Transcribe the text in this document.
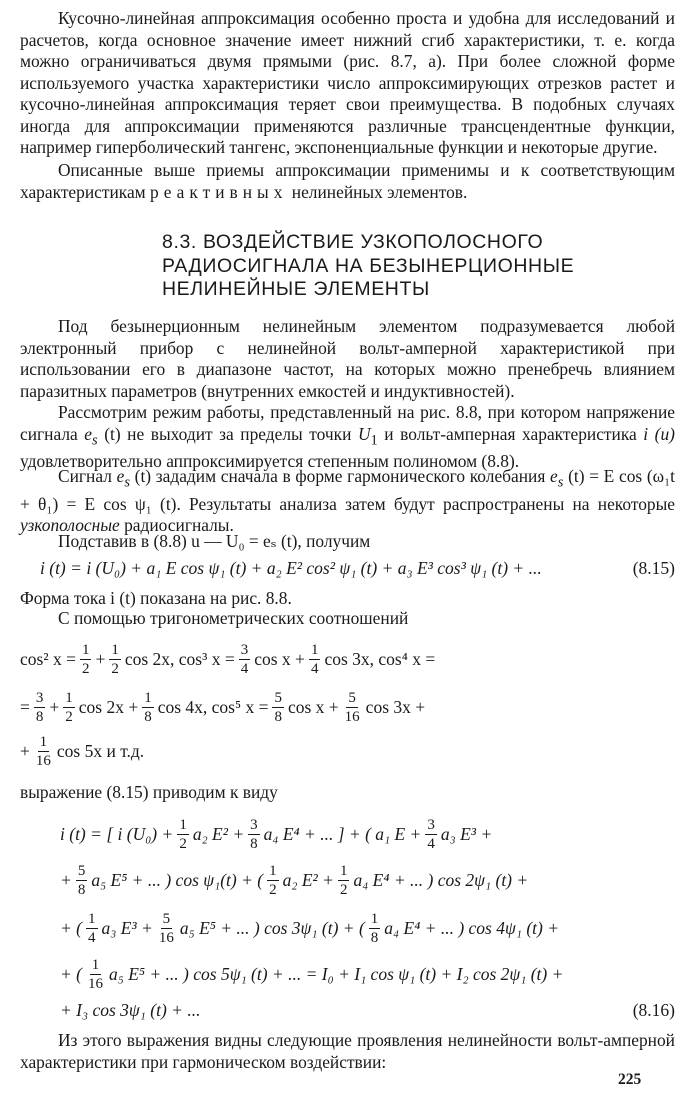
Кусочно-линейная аппроксимация особенно проста и удобна для исследований и расчетов, когда основное значение имеет нижний сгиб характеристики, т. е. когда можно ограничиваться двумя прямыми (рис. 8.7, а). При более сложной форме используемого участка характеристики число аппроксимирующих отрезков растет и кусочно-линейная аппроксимация теряет свои преимущества. В подобных случаях иногда для аппроксимации применяются различные трансцендентные функции, например гиперболический тангенс, экспоненциальные функции и некоторые другие.

Описанные выше приемы аппроксимации применимы и к соответствующим характеристикам реактивных нелинейных элементов.

8.3. ВОЗДЕЙСТВИЕ УЗКОПОЛОСНОГО
РАДИОСИГНАЛА НА БЕЗЫНЕРЦИОННЫЕ
НЕЛИНЕЙНЫЕ ЭЛЕМЕНТЫ

Под безынерционным нелинейным элементом подразумевается любой электронный прибор с нелинейной вольт-амперной характеристикой при использовании его в диапазоне частот, на которых можно пренебречь влиянием паразитных параметров (внутренних емкостей и индуктивностей).

Рассмотрим режим работы, представленный на рис. 8.8, при котором напряжение сигнала $e_s$ (t) не выходит за пределы точки $U_1$ и вольт-амперная характеристика i (u) удовлетворительно аппроксимируется степенным полиномом (8.8).

Сигнал $e_s$ (t) зададим сначала в форме гармонического колебания $e_s$ (t) = E cos (ω₁t + θ₁) = E cos ψ₁ (t). Результаты анализа затем будут распространены на некоторые узкополосные радиосигналы.

Подставив в (8.8) u — U₀ = eₛ (t), получим

i (t) = i (U₀) + a₁ E cos ψ₁ (t) + a₂ E² cos² ψ₁ (t) + a₃ E³ cos³ ψ₁ (t) + ...	(8.15)

Форма тока i (t) показана на рис. 8.8.

С помощью тригонометрических соотношений

cos² $x = \frac{1}{2} + \frac{1}{2}$ cos 2x, cos³ $x = \frac{3}{4}$ $\cos x + \frac{1}{4}$ cos 3x, cos⁴ x =
= $\frac{3}{8} + \frac{1}{2}$ $\cos 2x + \frac{1}{8}$ cos 4x, cos⁵ $x = \frac{5}{8}$ $\cos x + \frac{5}{16}$ cos 3x +
+ $\frac{1}{16}$ cos 5x и т.д.

выражение (8.15) приводим к виду

i (t) = [ i $(U_0) + \frac{1}{2} a_2$ $E^2 + \frac{3}{8} a_4$ E⁴ + ... ] + ( a₁ $E + \frac{3}{4} a_3$ E³ +
+ $\frac{5}{8} a_5$ E⁵ + ... ) cos ψ₁(t) + ( $\frac{1}{2} a_2$ $E^2 + \frac{1}{2} a_4$ E⁴ + ... ) cos 2ψ₁ (t) +
+ ( $\frac{1}{4} a_3$ $E^3 + \frac{5}{16} a_5$ E⁵ + ... ) cos 3ψ₁ (t) + ( $\frac{1}{8} a_4$ E⁴ + ... ) cos 4ψ₁ (t) +
+ ( $\frac{1}{16} a_5$ E⁵ + ... ) cos 5ψ₁ (t) + ... = I₀ + I₁ cos ψ₁ (t) + I₂ cos 2ψ₁ (t) +
+ I₃ cos 3ψ₁ (t) + ...	(8.16)

Из этого выражения видны следующие проявления нелинейности вольт-амперной характеристики при гармоническом воздействии:

225
